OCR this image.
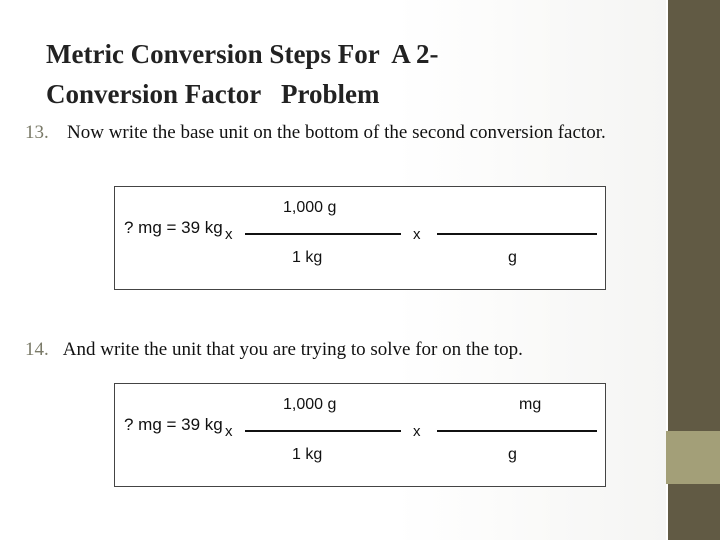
Metric Conversion Steps For  A 2-
Conversion Factor   Problem
13. Now write the base unit on the bottom of the second conversion factor.
? mg = 39 kg x
1,000 g
1 kg
x
g
14. And write the unit that you are trying to solve for on the top.
? mg = 39 kg x
1,000 g
1 kg
x
mg
g
